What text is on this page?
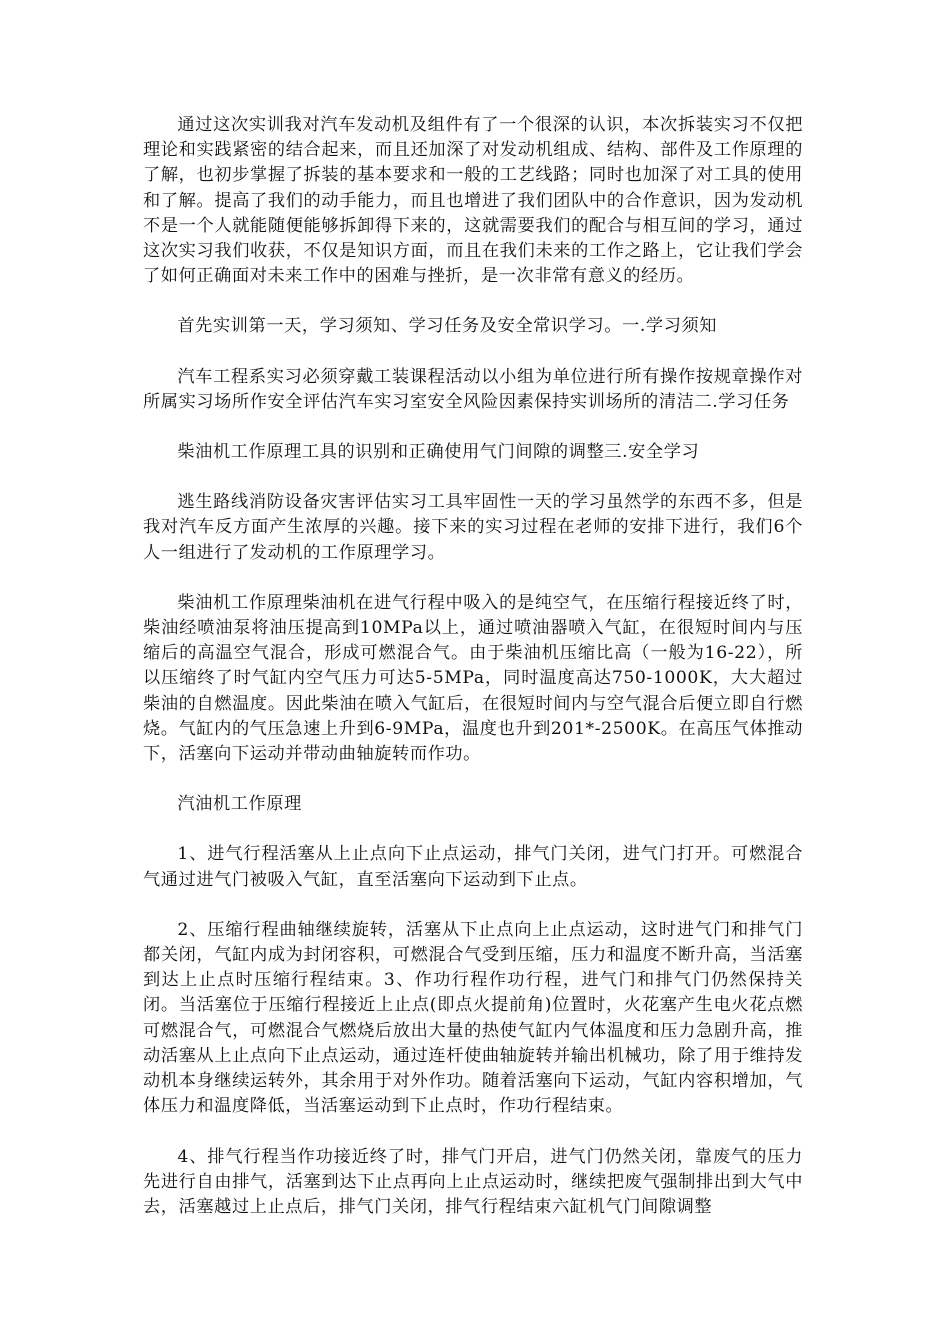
通过这次实训我对汽车发动机及组件有了一个很深的认识，本次拆装实习不仅把理论和实践紧密的结合起来，而且还加深了对发动机组成、结构、部件及工作原理的了解，也初步掌握了拆装的基本要求和一般的工艺线路；同时也加深了对工具的使用和了解。提高了我们的动手能力，而且也增进了我们团队中的合作意识，因为发动机不是一个人就能随便能够拆卸得下来的，这就需要我们的配合与相互间的学习，通过这次实习我们收获，不仅是知识方面，而且在我们未来的工作之路上，它让我们学会了如何正确面对未来工作中的困难与挫折，是一次非常有意义的经历。

首先实训第一天，学习须知、学习任务及安全常识学习。一.学习须知

汽车工程系实习必须穿戴工装课程活动以小组为单位进行所有操作按规章操作对所属实习场所作安全评估汽车实习室安全风险因素保持实训场所的清洁二.学习任务

柴油机工作原理工具的识别和正确使用气门间隙的调整三.安全学习

逃生路线消防设备灾害评估实习工具牢固性一天的学习虽然学的东西不多，但是我对汽车反方面产生浓厚的兴趣。接下来的实习过程在老师的安排下进行，我们6个人一组进行了发动机的工作原理学习。

柴油机工作原理柴油机在进气行程中吸入的是纯空气，在压缩行程接近终了时，柴油经喷油泵将油压提高到10MPa以上，通过喷油器喷入气缸，在很短时间内与压缩后的高温空气混合，形成可燃混合气。由于柴油机压缩比高（一般为16-22），所以压缩终了时气缸内空气压力可达5-5MPa，同时温度高达750-1000K，大大超过柴油的自燃温度。因此柴油在喷入气缸后，在很短时间内与空气混合后便立即自行燃烧。气缸内的气压急速上升到6-9MPa，温度也升到201*-2500K。在高压气体推动下，活塞向下运动并带动曲轴旋转而作功。

汽油机工作原理

1、进气行程活塞从上止点向下止点运动，排气门关闭，进气门打开。可燃混合气通过进气门被吸入气缸，直至活塞向下运动到下止点。

2、压缩行程曲轴继续旋转，活塞从下止点向上止点运动，这时进气门和排气门都关闭，气缸内成为封闭容积，可燃混合气受到压缩，压力和温度不断升高，当活塞到达上止点时压缩行程结束。3、作功行程作功行程，进气门和排气门仍然保持关闭。当活塞位于压缩行程接近上止点(即点火提前角)位置时，火花塞产生电火花点燃可燃混合气，可燃混合气燃烧后放出大量的热使气缸内气体温度和压力急剧升高，推动活塞从上止点向下止点运动，通过连杆使曲轴旋转并输出机械功，除了用于维持发动机本身继续运转外，其余用于对外作功。随着活塞向下运动，气缸内容积增加，气体压力和温度降低，当活塞运动到下止点时，作功行程结束。

4、排气行程当作功接近终了时，排气门开启，进气门仍然关闭，靠废气的压力先进行自由排气，活塞到达下止点再向上止点运动时，继续把废气强制排出到大气中去，活塞越过上止点后，排气门关闭，排气行程结束六缸机气门间隙调整
